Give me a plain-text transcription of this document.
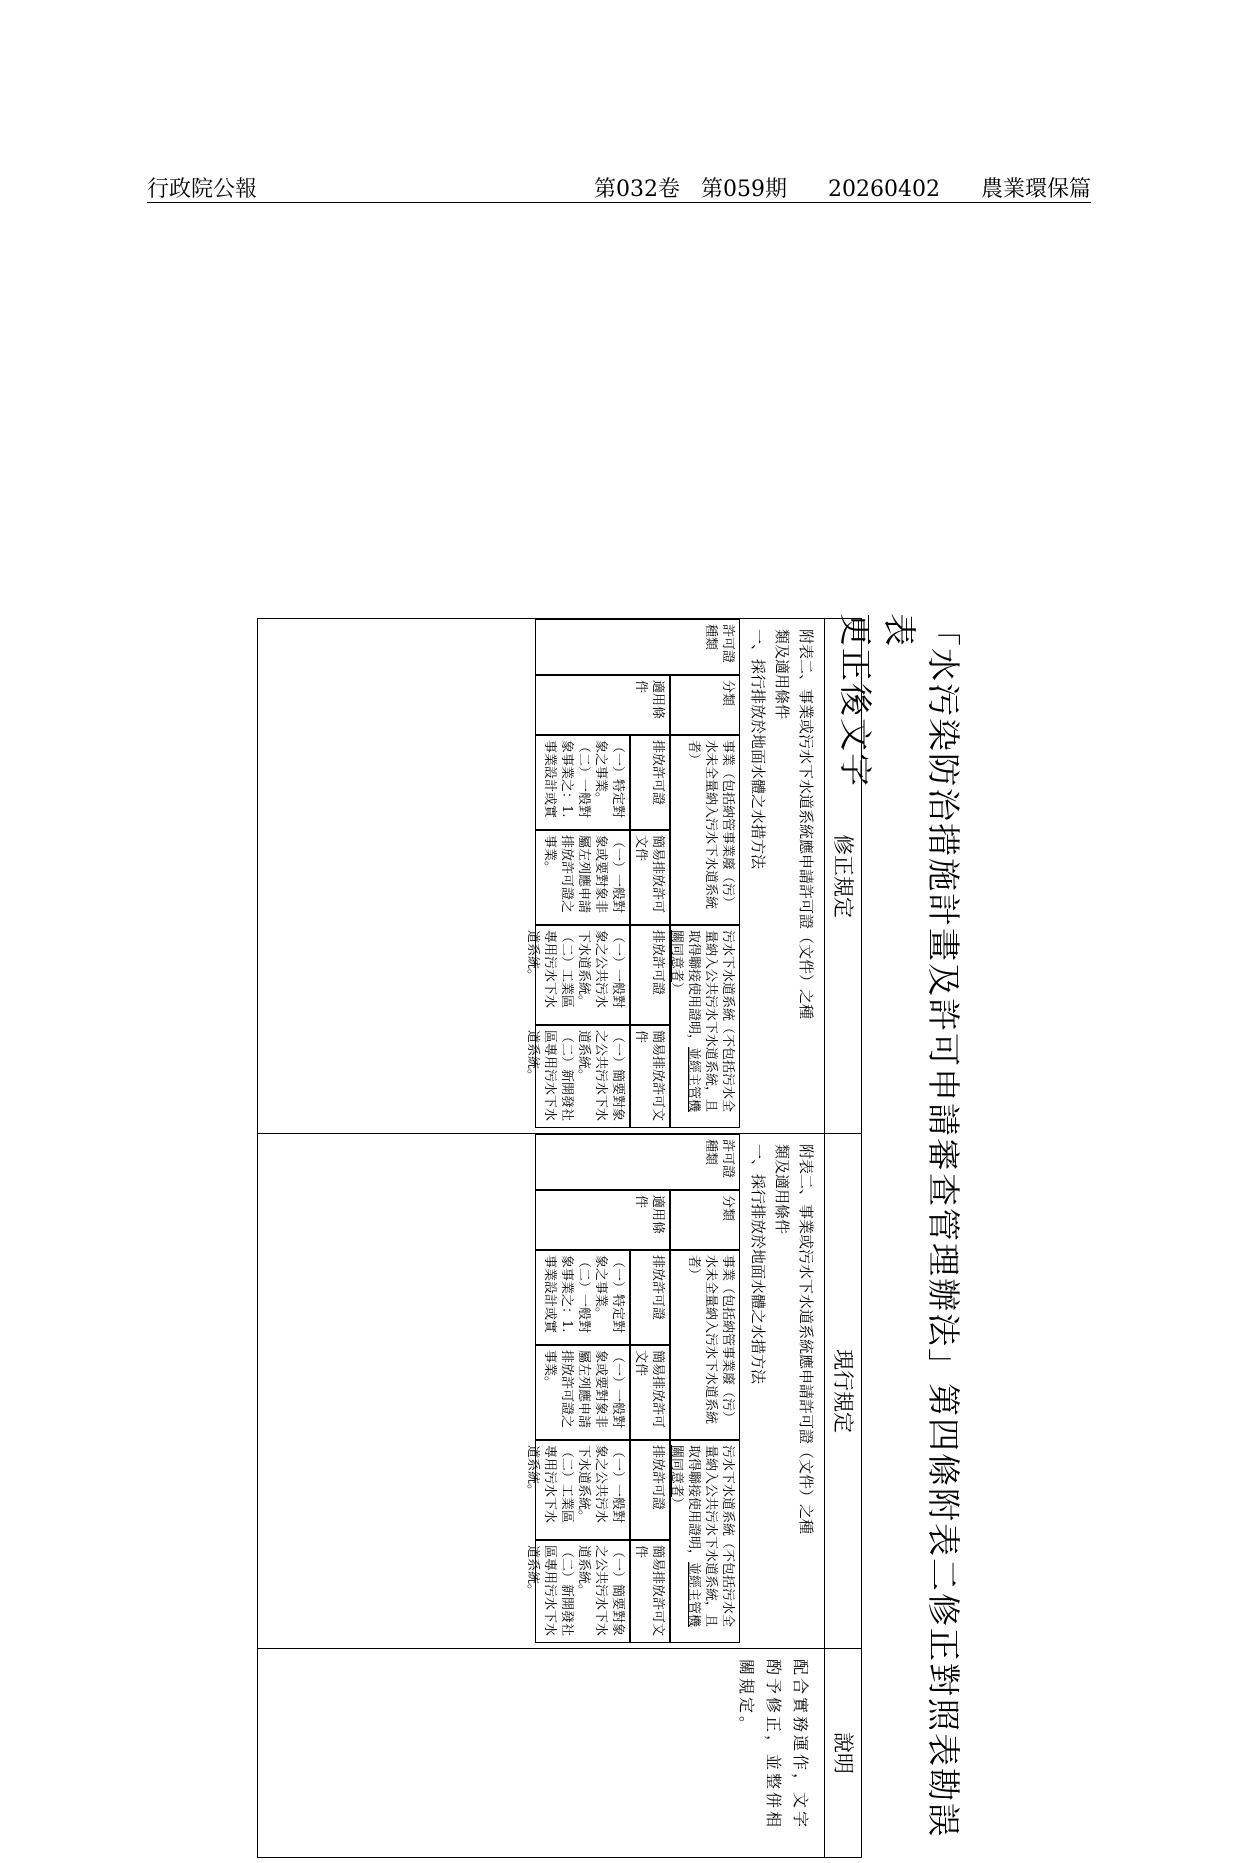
行政院公報	第032卷 第059期 20260402 農業環保篇
「水污染防治措施計畫及許可申請審查管理辦法」第四條附表二修正對照表勘誤表
更正後文字
修正規定
附表二、事業或污水下水道系統應申請許可證（文件）之種
類及適用條件
一、採行排放於地面水體之水措方法
分類
事業（包括納管事業廢（污）水未全量納入污水下水道系統者）
污水下水道系統（不包括污水全量納入公共污水下水道系統，且取得聯接使用證明，並經主管機關同意者）
許可證種類
適用條件
排放許可證
簡易排放許可文件
排放許可證
簡易排放許可文件
（一）特定對象之事業。
（二）一般對象事業之：1.事業設計或實
（一）一般對象或要對象非屬左列應申請排放許可證之事業。
（一）一般對象之公共污水下水道系統。
（二）工業區專用污水下水道系統。
（一）簡要對象之公共污水下水道系統。
（二）新開發社區專用污水下水道系統。
現行規定
附表二、事業或污水下水道系統應申請許可證（文件）之種
類及適用條件
一、採行排放於地面水體之水措方法
分類
事業（包括納管事業廢（污）水未全量納入污水下水道系統者）
污水下水道系統（不包括污水全量納入公共污水下水道系統，且取得聯接使用證明，並經主管機關同意者）
許可證種類
適用條件
排放許可證
簡易排放許可文件
排放許可證
簡易排放許可文件
（一）特定對象之事業。
（二）一般對象事業之：1.事業設計或實
（一）一般對象或要對象非屬左列應申請排放許可證之事業。
（一）一般對象之公共污水下水道系統。
（二）工業區專用污水下水道系統。
（一）簡要對象之公共污水下水道系統。
（二）新開發社區專用污水下水道系統。
說明
配合實務運作，文字酌予修正，並整併相關規定。
